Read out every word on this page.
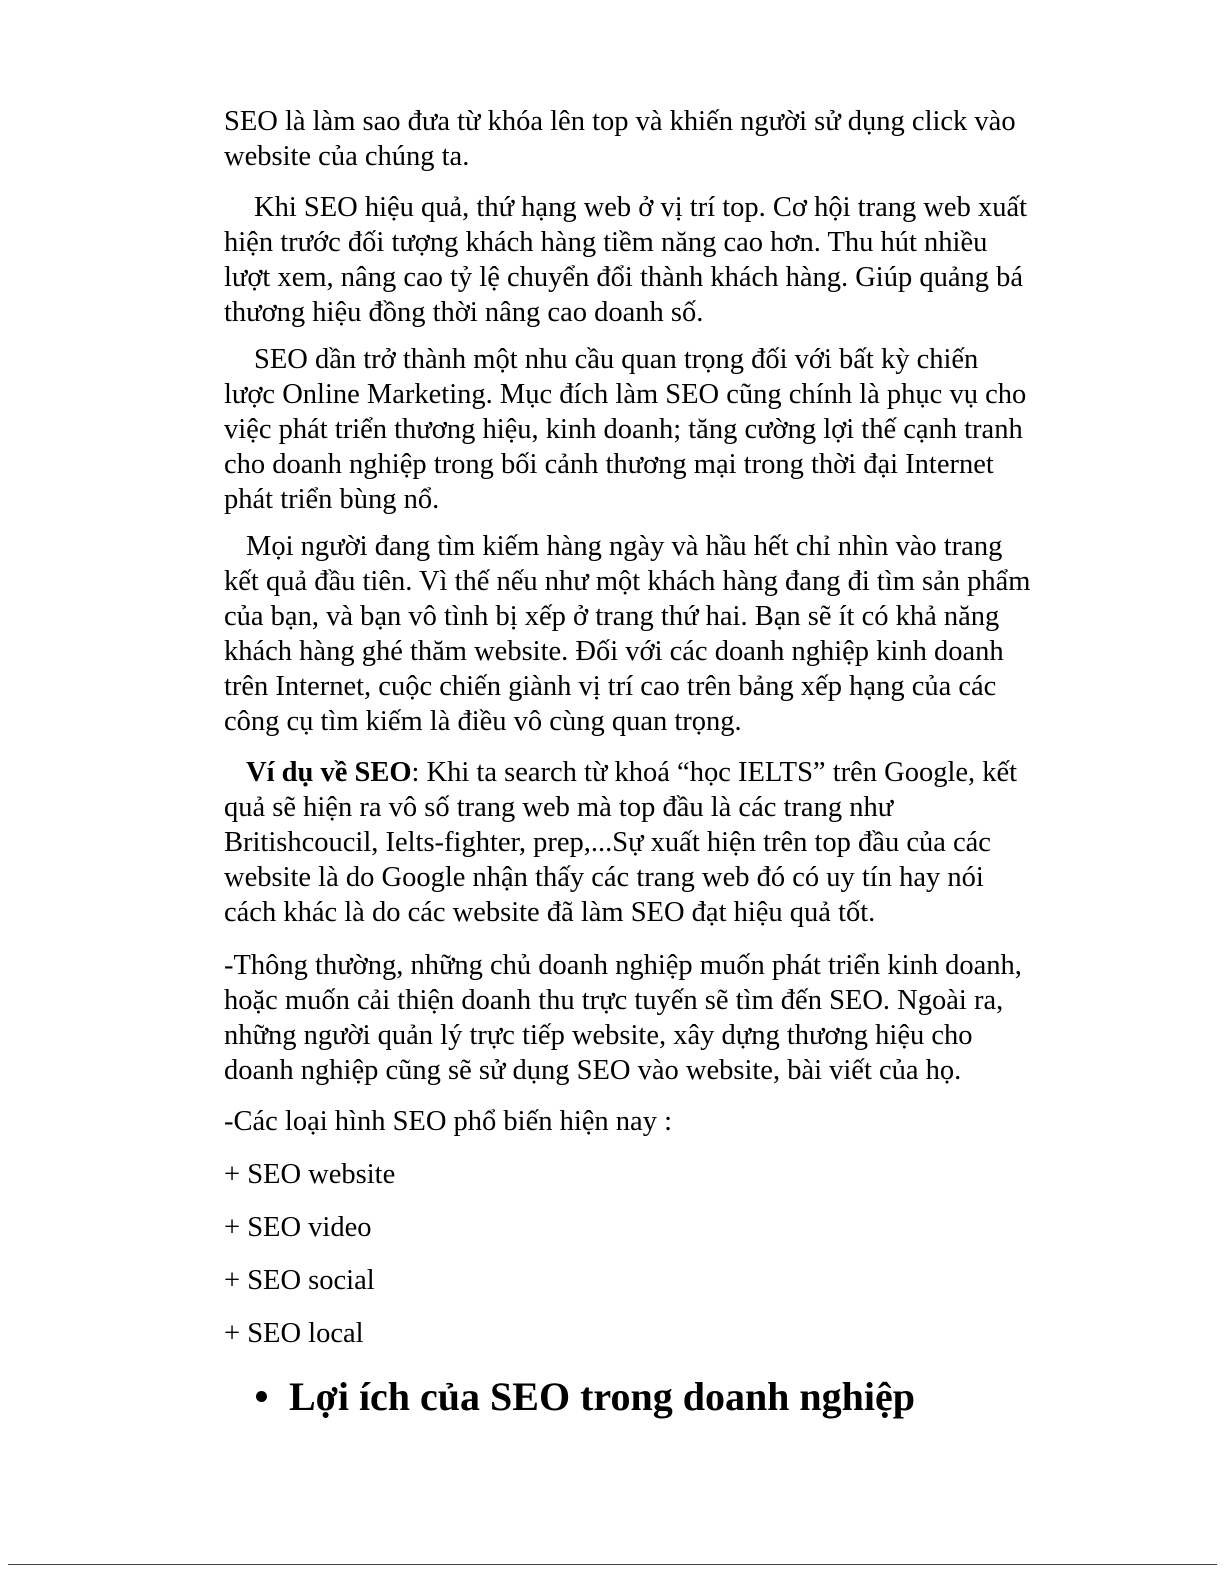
SEO là làm sao đưa từ khóa lên top và khiến người sử dụng click vào
website của chúng ta.
Khi SEO hiệu quả, thứ hạng web ở vị trí top. Cơ hội trang web xuất
hiện trước đối tượng khách hàng tiềm năng cao hơn. Thu hút nhiều
lượt xem, nâng cao tỷ lệ chuyển đổi thành khách hàng. Giúp quảng bá
thương hiệu đồng thời nâng cao doanh số.
SEO dần trở thành một nhu cầu quan trọng đối với bất kỳ chiến
lược Online Marketing. Mục đích làm SEO cũng chính là phục vụ cho
việc phát triển thương hiệu, kinh doanh; tăng cường lợi thế cạnh tranh
cho doanh nghiệp trong bối cảnh thương mại trong thời đại Internet
phát triển bùng nổ.
Mọi người đang tìm kiếm hàng ngày và hầu hết chỉ nhìn vào trang
kết quả đầu tiên. Vì thế nếu như một khách hàng đang đi tìm sản phẩm
của bạn, và bạn vô tình bị xếp ở trang thứ hai. Bạn sẽ ít có khả năng
khách hàng ghé thăm website. Đối với các doanh nghiệp kinh doanh
trên Internet, cuộc chiến giành vị trí cao trên bảng xếp hạng của các
công cụ tìm kiếm là điều vô cùng quan trọng.
Ví dụ về SEO: Khi ta search từ khoá “học IELTS” trên Google, kết
quả sẽ hiện ra vô số trang web mà top đầu là các trang như
Britishcoucil, Ielts-fighter, prep,...Sự xuất hiện trên top đầu của các
website là do Google nhận thấy các trang web đó có uy tín hay nói
cách khác là do các website đã làm SEO đạt hiệu quả tốt.
-Thông thường, những chủ doanh nghiệp muốn phát triển kinh doanh,
hoặc muốn cải thiện doanh thu trực tuyến sẽ tìm đến SEO. Ngoài ra,
những người quản lý trực tiếp website, xây dựng thương hiệu cho
doanh nghiệp cũng sẽ sử dụng SEO vào website, bài viết của họ.
-Các loại hình SEO phổ biến hiện nay :
+ SEO website
+ SEO video
+ SEO social
+ SEO local
Lợi ích của SEO trong doanh nghiệp
